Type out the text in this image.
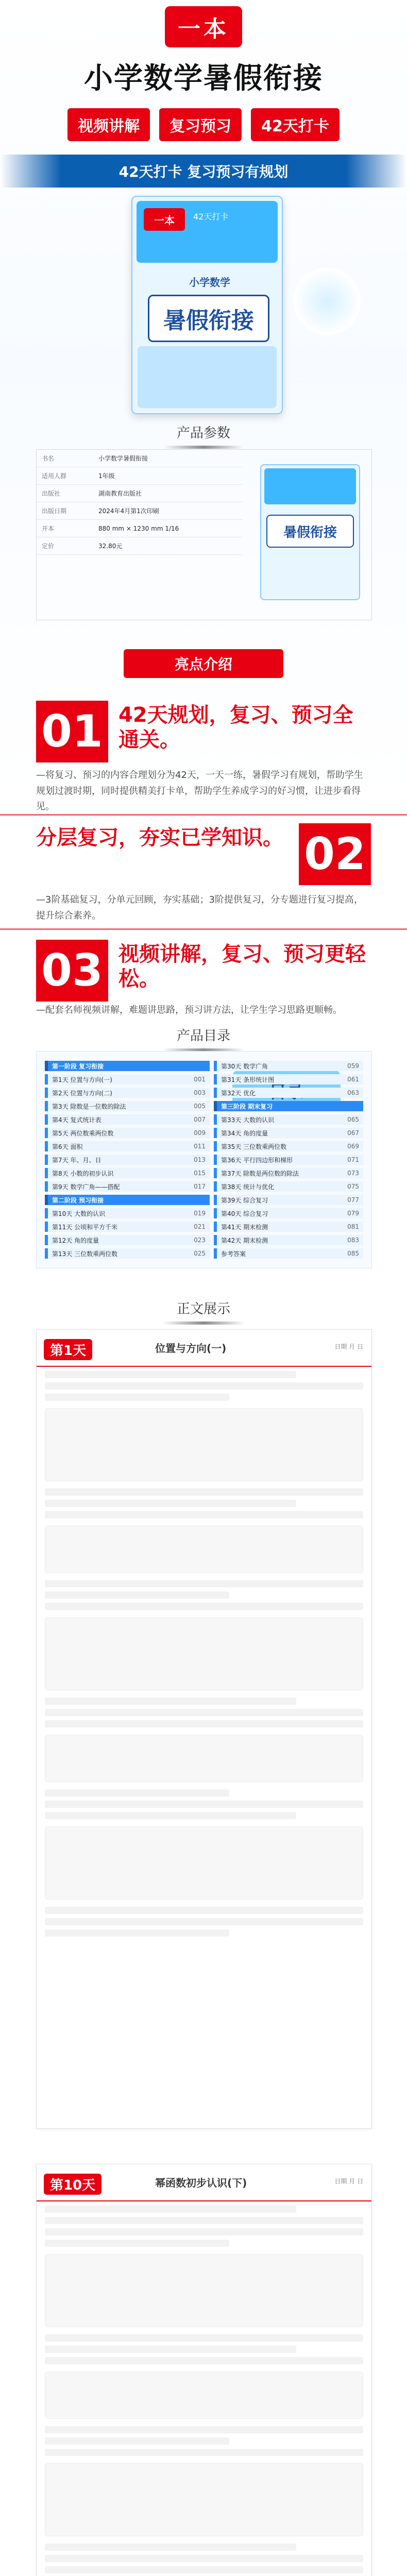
一本
小学数学暑假衔接
视频讲解	复习预习	42天打卡
42天打卡 复习预习有规划
一本	42天打卡
小学数学
暑假衔接
产品参数
书名	小学数学暑假衔接
适用人群	1年级
出版社	湖南教育出版社
出版日期	2024年4月第1次印刷
开本	880 mm × 1230 mm 1/16
定价	32.80元
暑假衔接
亮点介绍
01 42天规划，复习、预习全通关。
—将复习、预习的内容合理划分为42天，一天一练，暑假学习有规划，帮助学生规划过渡时期，同时提供精美打卡单，帮助学生养成学习的好习惯，让进步看得见。
分层复习，夯实已学知识。 02
—3阶基础复习，分单元回顾，夯实基础；3阶提供复习，分专题进行复习提高，提升综合素养。
03 视频讲解，复习、预习更轻松。
—配套名师视频讲解，难题讲思路，预习讲方法，让学生学习思路更顺畅。
产品目录
第一阶段 复习衔接
第1天 位置与方向(一)	001
第2天 位置与方向(二)	003
第3天 除数是一位数的除法	005
第4天 复式统计表	007
第5天 两位数乘两位数	009
第6天 面积	011
第7天 年、月、日	013
第8天 小数的初步认识	015
第9天 数学广角——搭配	017
第二阶段 预习衔接
第10天 大数的认识	019
第11天 公顷和平方千米	021
第12天 角的度量	023
第13天 三位数乘两位数	025
第30天 数学广角	059
第31天 条形统计图	061
第32天 优化	063
第三阶段 期末复习
第33天 大数的认识	065
第34天 角的度量	067
第35天 三位数乘两位数	069
第36天 平行四边形和梯形	071
第37天 除数是两位数的除法	073
第38天 统计与优化	075
第39天 综合复习	077
第40天 综合复习	079
第41天 期末检测	081
第42天 期末检测	083
参考答案	085
正文展示
第1天	位置与方向(一)	日期 月 日
第10天	幂函数初步认识(下)	日期 月 日
